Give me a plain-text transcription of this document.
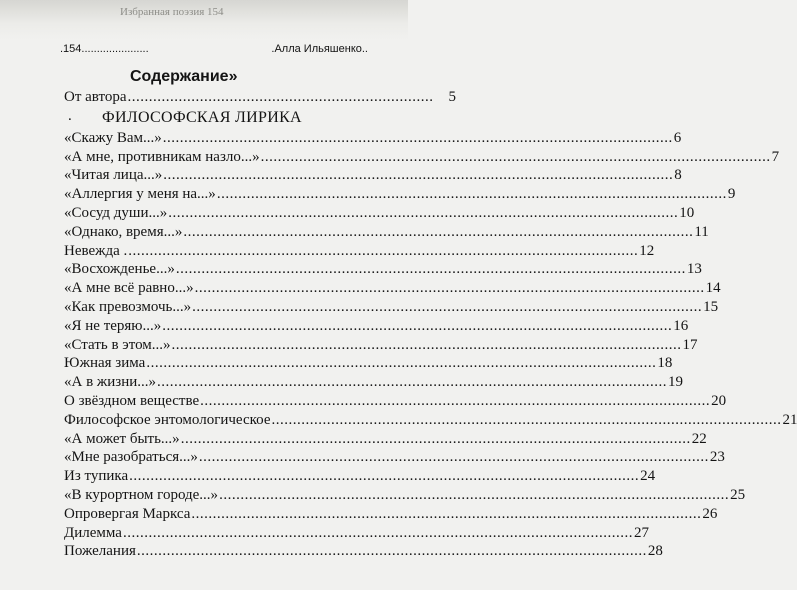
Избранная поэзия 154
.154......................	.Алла Ильяшенко..
Содержание»
От автора ........................................................................ 5
. ФИЛОСОФСКАЯ ЛИРИКА
«Скажу Вам...» ........................................................................................................................ 6
«А мне, противникам назло...» ........................................................................................................................ 7
«Читая лица...» ........................................................................................................................ 8
«Аллергия у меня на...» ........................................................................................................................ 9
«Сосуд души...» ........................................................................................................................ 10
«Однако, время...» ........................................................................................................................ 11
Невежда . ........................................................................................................................ 12
«Восхожденье...» ........................................................................................................................ 13
«А мне всё равно...» ........................................................................................................................ 14
«Как превозмочь...» ........................................................................................................................ 15
«Я не теряю...» ........................................................................................................................ 16
«Стать в этом...» ........................................................................................................................ 17
Южная зима ........................................................................................................................ 18
«А в жизни...» ........................................................................................................................ 19
О звёздном веществе ........................................................................................................................ 20
Философское энтомологическое ........................................................................................................................ 21
«А может быть...» ........................................................................................................................ 22
«Мне разобраться...» ........................................................................................................................ 23
Из тупика ........................................................................................................................ 24
«В курортном городе...» ........................................................................................................................ 25
Опровергая Маркса ........................................................................................................................ 26
Дилемма ........................................................................................................................ 27
Пожелания ........................................................................................................................ 28
